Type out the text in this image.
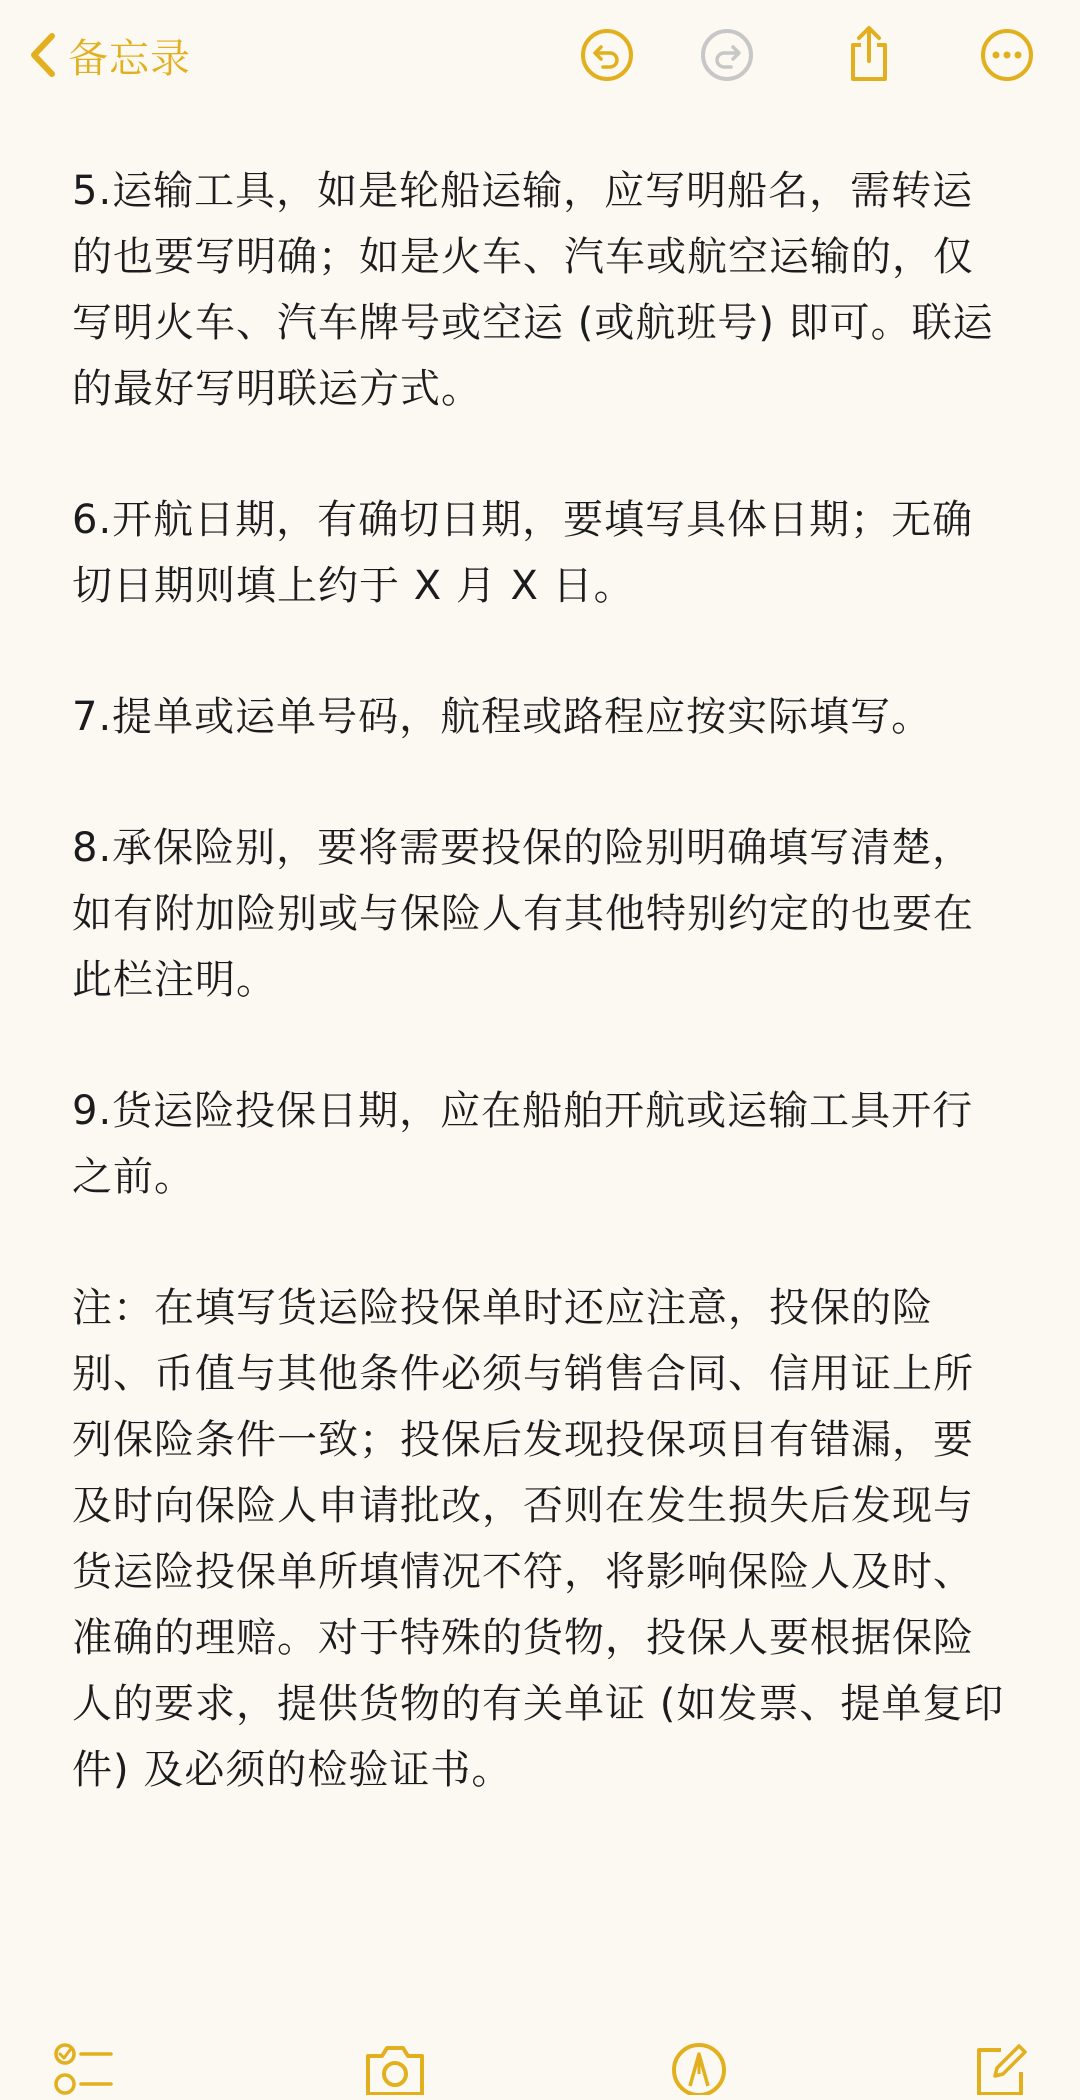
备忘录

5.运输工具，如是轮船运输，应写明船名，需转运的也要写明确；如是火车、汽车或航空运输的，仅写明火车、汽车牌号或空运 (或航班号) 即可。联运的最好写明联运方式。

6.开航日期，有确切日期，要填写具体日期；无确切日期则填上约于 X 月 X 日。

7.提单或运单号码，航程或路程应按实际填写。

8.承保险别，要将需要投保的险别明确填写清楚，如有附加险别或与保险人有其他特别约定的也要在此栏注明。

9.货运险投保日期，应在船舶开航或运输工具开行之前。

注：在填写货运险投保单时还应注意，投保的险别、币值与其他条件必须与销售合同、信用证上所列保险条件一致；投保后发现投保项目有错漏，要及时向保险人申请批改，否则在发生损失后发现与货运险投保单所填情况不符，将影响保险人及时、准确的理赔。对于特殊的货物，投保人要根据保险人的要求，提供货物的有关单证 (如发票、提单复印件) 及必须的检验证书。
